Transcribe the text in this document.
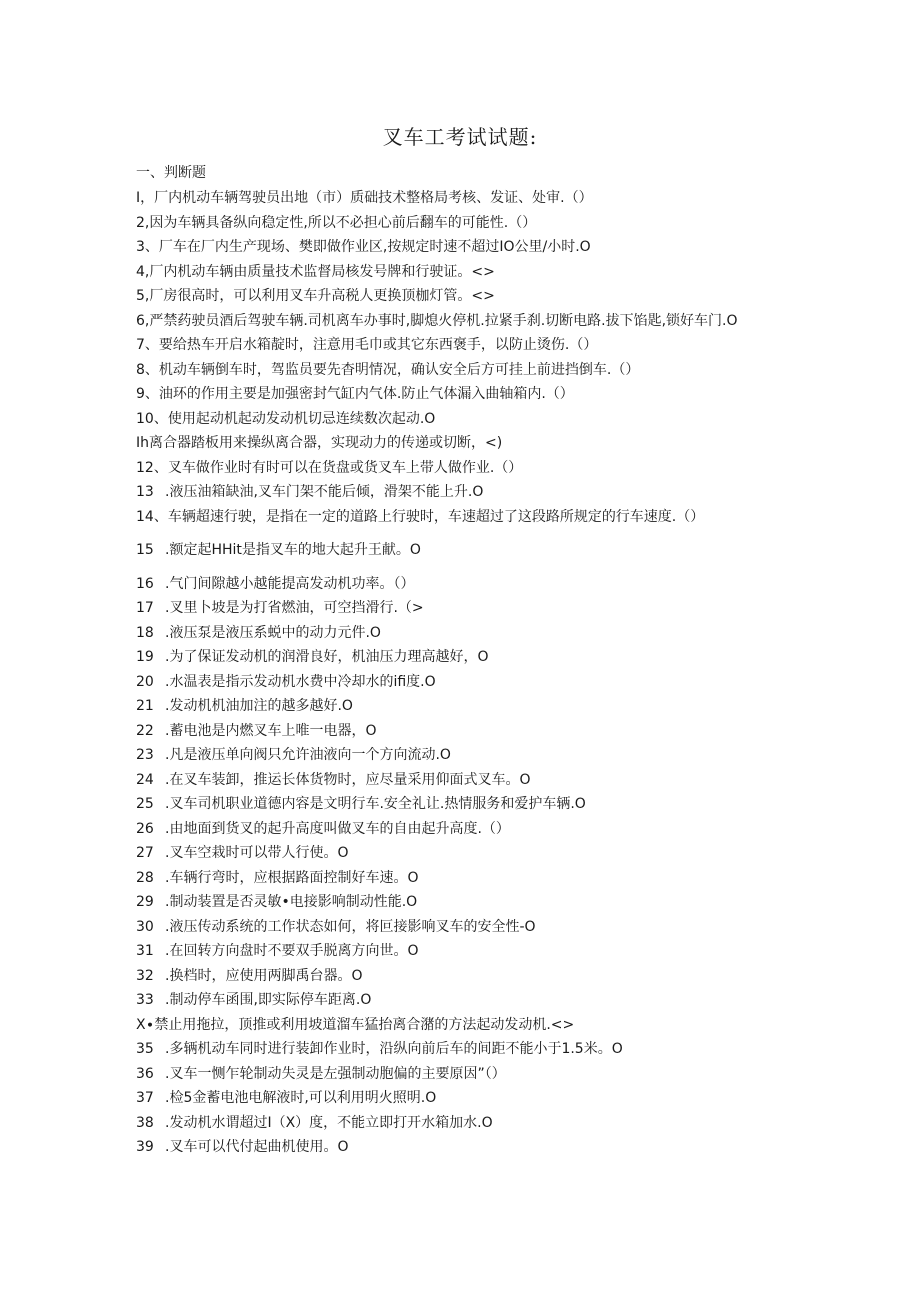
叉车工考试试题:
一、判断题
I，厂内机动车辆驾驶员出地（市）质础技术整格局考核、发证、处审.（）
2,因为车辆具备纵向稳定性,所以不必担心前后翻车的可能性.（）
3、厂车在厂内生产现场、樊即做作业区,按规定时速不超过IO公里/小时.O
4,厂内机动车辆由质量技术监督局核发号牌和行驶证。<>
5,厂房很高时，可以利用叉车升高税人更换顶枷灯管。<>
6,严禁药驶员酒后驾驶车辆.司机离车办事时,脚熄火停机.拉紧手刹.切断电路.拔下馅匙,锁好车门.O
7、要给热车开启水箱靛时，注意用毛巾或其它东西褒手，以防止烫伤.（）
8、机动车辆倒车时，驾监员要先杳明情况，确认安全后方可挂上前进挡倒车.（）
9、油环的作用主要是加强密封气缸内气体.防止气体漏入曲轴箱内.（）
10、使用起动机起动发动机切忌连续数次起动.O
Ih离合器踏板用来操纵离合器，实现动力的传递或切断，<)
12、叉车做作业时有时可以在货盘或货叉车上带人做作业.（）
13 .液压油箱缺油,叉车门架不能后倾，滑架不能上升.O
14、车辆超速行驶，是指在一定的道路上行驶时，车速超过了这段路所规定的行车速度.（）
15 .额定起HHit是指叉车的地大起升王献。O
16 .气门间隙越小越能提高发动机功率。（）
17 .叉里卜坡是为打省燃油，可空挡滑行.（>
18 .液压泵是液压系蜕中的动力元件.O
19 .为了保证发动机的润滑良好，机油压力理高越好，O
20 .水温表是指示发动机水费中冷却水的ifi度.O
21 .发动机机油加注的越多越好.O
22 .蓄电池是内燃叉车上唯一电器，O
23 .凡是液压单向阀只允许油液向一个方向流动.O
24 .在叉车装卸，推运长体货物时，应尽量采用仰面式叉车。O
25 .叉车司机职业道德内容是文明行车.安全礼让.热情服务和爱护车辆.O
26 .由地面到货叉的起升高度叫做叉车的自由起升高度.（）
27 .叉车空栽时可以带人行使。O
28 .车辆行弯时，应根据路面控制好车速。O
29 .制动装置是否灵敏•电接影响制动性能.O
30 .液压传动系统的工作状态如何，将叵接影响叉车的安全性-O
31 .在回转方向盘时不要双手脱离方向世。O
32 .换档时，应使用两脚禹台器。O
33 .制动停车函围,即实际停车距离.O
X∙禁止用拖拉，顶推或利用坡道溜车猛抬离合潴的方法起动发动机.<>
35 .多辆机动车同时进行装卸作业时，沿纵向前后车的间距不能小于1.5米。O
36 .叉车一恻乍轮制动失灵是左强制动胞偏的主要原因”（）
37 .检5金蓄电池电解液时,可以利用明火照明.O
38 .发动机水谓超过I（X）度，不能立即打开水箱加水.O
39 .叉车可以代付起曲机使用。O
